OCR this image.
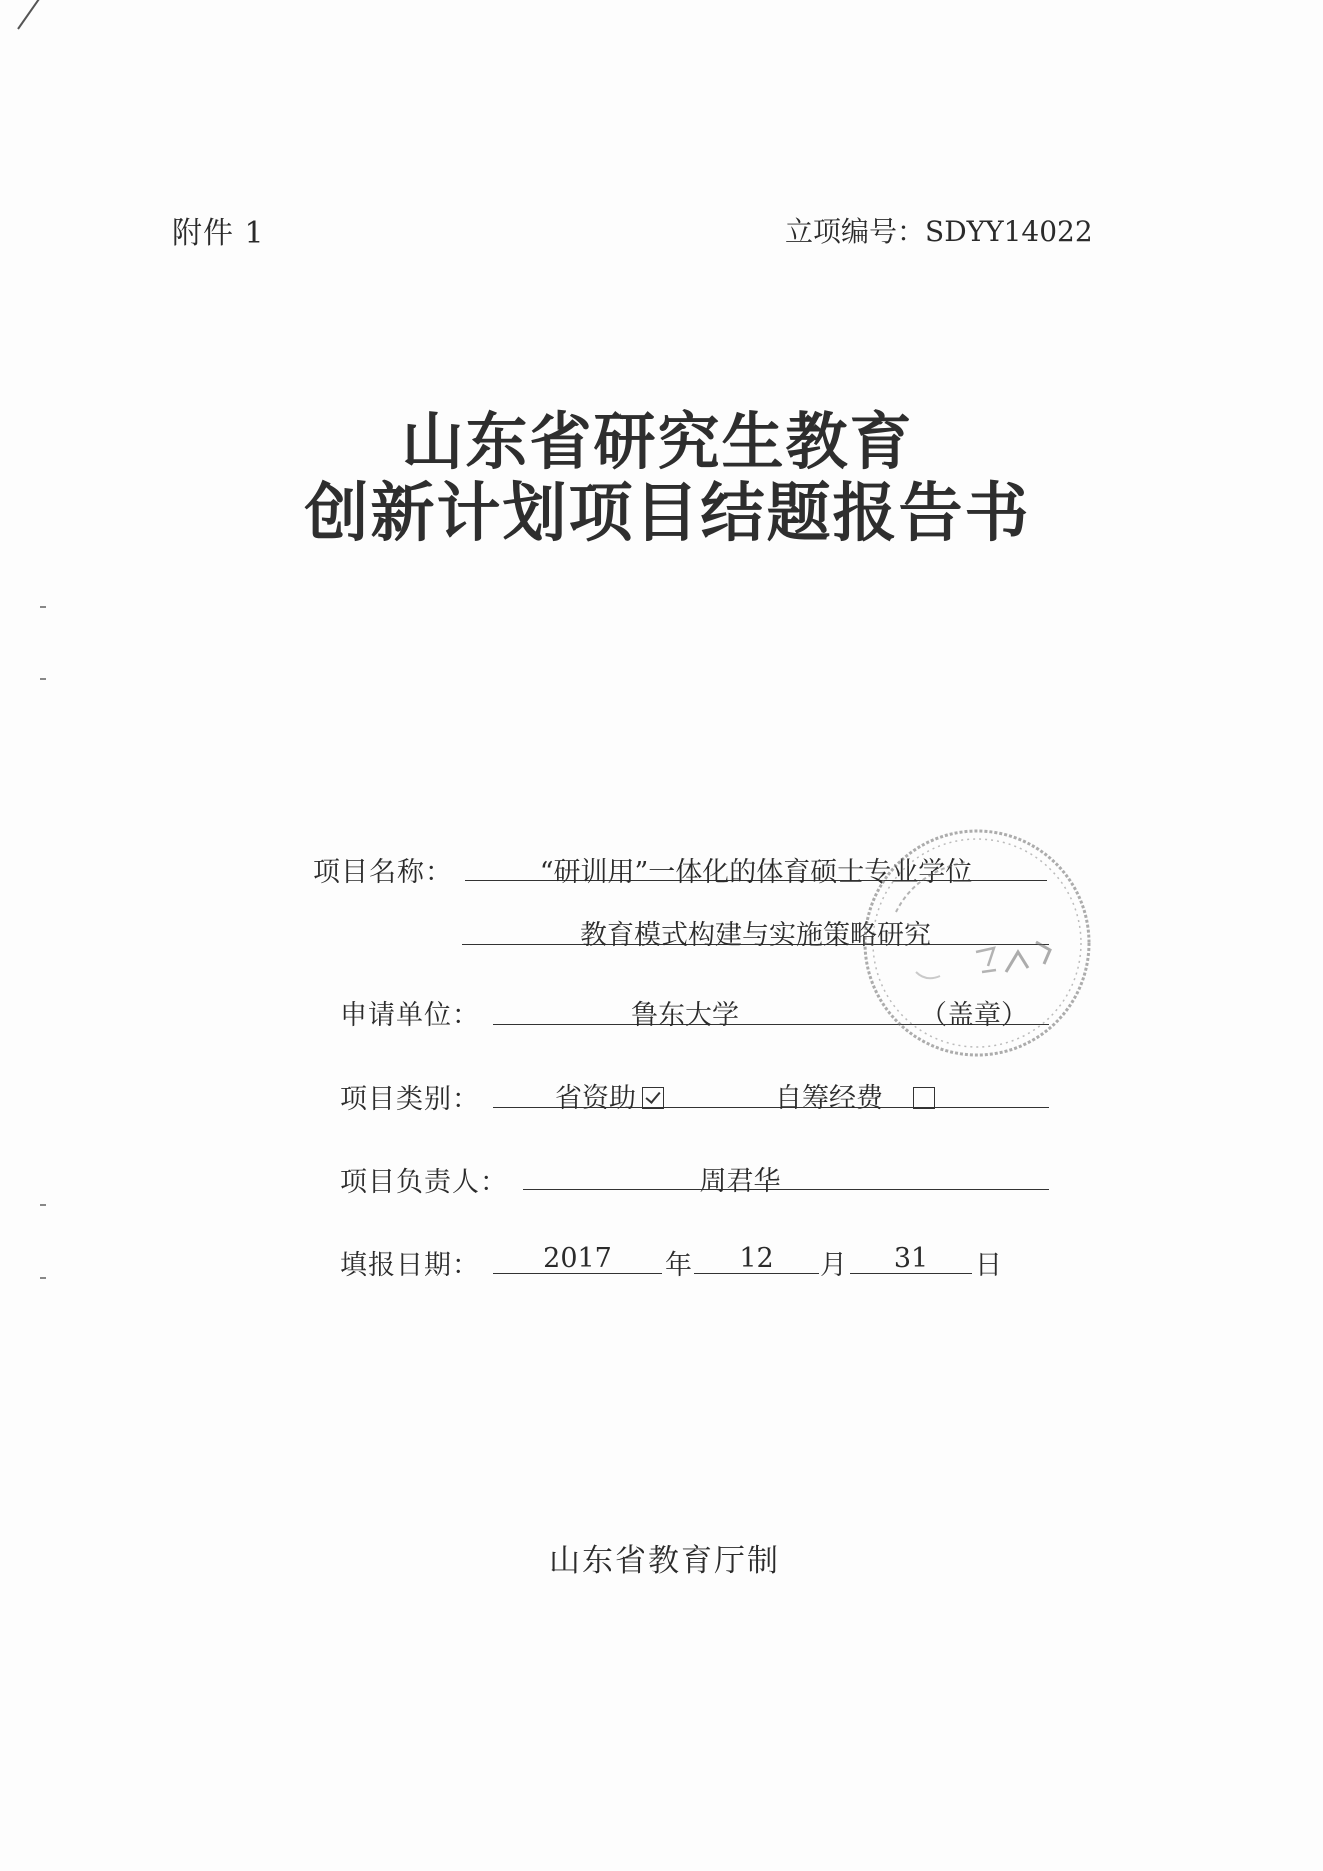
附件 1	立项编号：SDYY14022
山东省研究生教育
创新计划项目结题报告书
项目名称：	“研训用”一体化的体育硕士专业学位
教育模式构建与实施策略研究
申请单位：	鲁东大学	（盖章）
项目类别：	省资助	自筹经费
项目负责人：	周君华
填报日期：	2017	年	12	月	31	日
山东省教育厅制
